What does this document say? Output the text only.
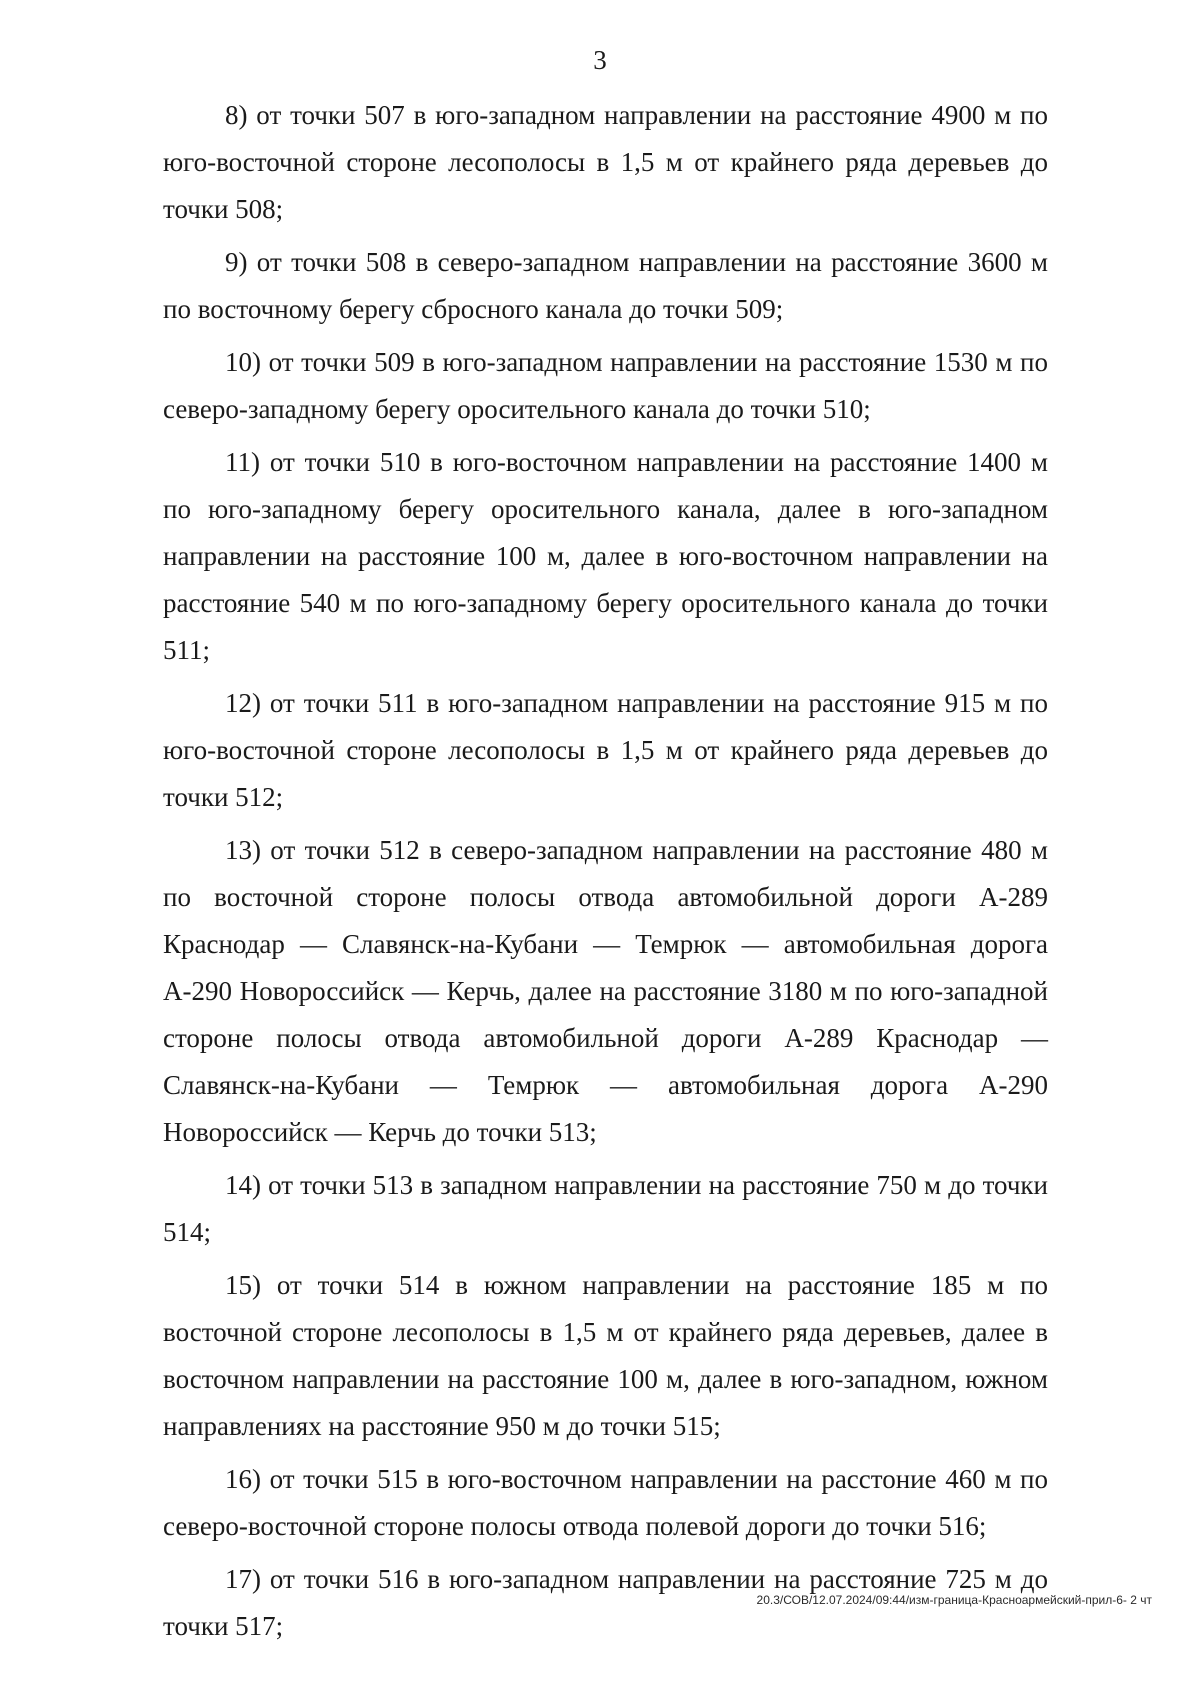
3

8) от точки 507 в юго-западном направлении на расстояние 4900 м по юго-восточной стороне лесополосы в 1,5 м от крайнего ряда деревьев до точки 508;

9) от точки 508 в северо-западном направлении на расстояние 3600 м по восточному берегу сбросного канала до точки 509;

10) от точки 509 в юго-западном направлении на расстояние 1530 м по северо-западному берегу оросительного канала до точки 510;

11) от точки 510 в юго-восточном направлении на расстояние 1400 м по юго-западному берегу оросительного канала, далее в юго-западном направлении на расстояние 100 м, далее в юго-восточном направлении на расстояние 540 м по юго-западному берегу оросительного канала до точки 511;

12) от точки 511 в юго-западном направлении на расстояние 915 м по юго-восточной стороне лесополосы в 1,5 м от крайнего ряда деревьев до точки 512;

13) от точки 512 в северо-западном направлении на расстояние 480 м по восточной стороне полосы отвода автомобильной дороги А-289 Краснодар — Славянск-на-Кубани — Темрюк — автомобильная дорога А-290 Новороссийск — Керчь, далее на расстояние 3180 м по юго-западной стороне полосы отвода автомобильной дороги А-289 Краснодар — Славянск-на-Кубани — Темрюк — автомобильная дорога А-290 Новороссийск — Керчь до точки 513;

14) от точки 513 в западном направлении на расстояние 750 м до точки 514;

15) от точки 514 в южном направлении на расстояние 185 м по восточной стороне лесополосы в 1,5 м от крайнего ряда деревьев, далее в восточном направлении на расстояние 100 м, далее в юго-западном, южном направлениях на расстояние 950 м до точки 515;

16) от точки 515 в юго-восточном направлении на расстоние 460 м по северо-восточной стороне полосы отвода полевой дороги до точки 516;

17) от точки 516 в юго-западном направлении на расстояние 725 м до точки 517;

20.3/СОВ/12.07.2024/09:44/изм-граница-Красноармейский-прил-6- 2 чт
